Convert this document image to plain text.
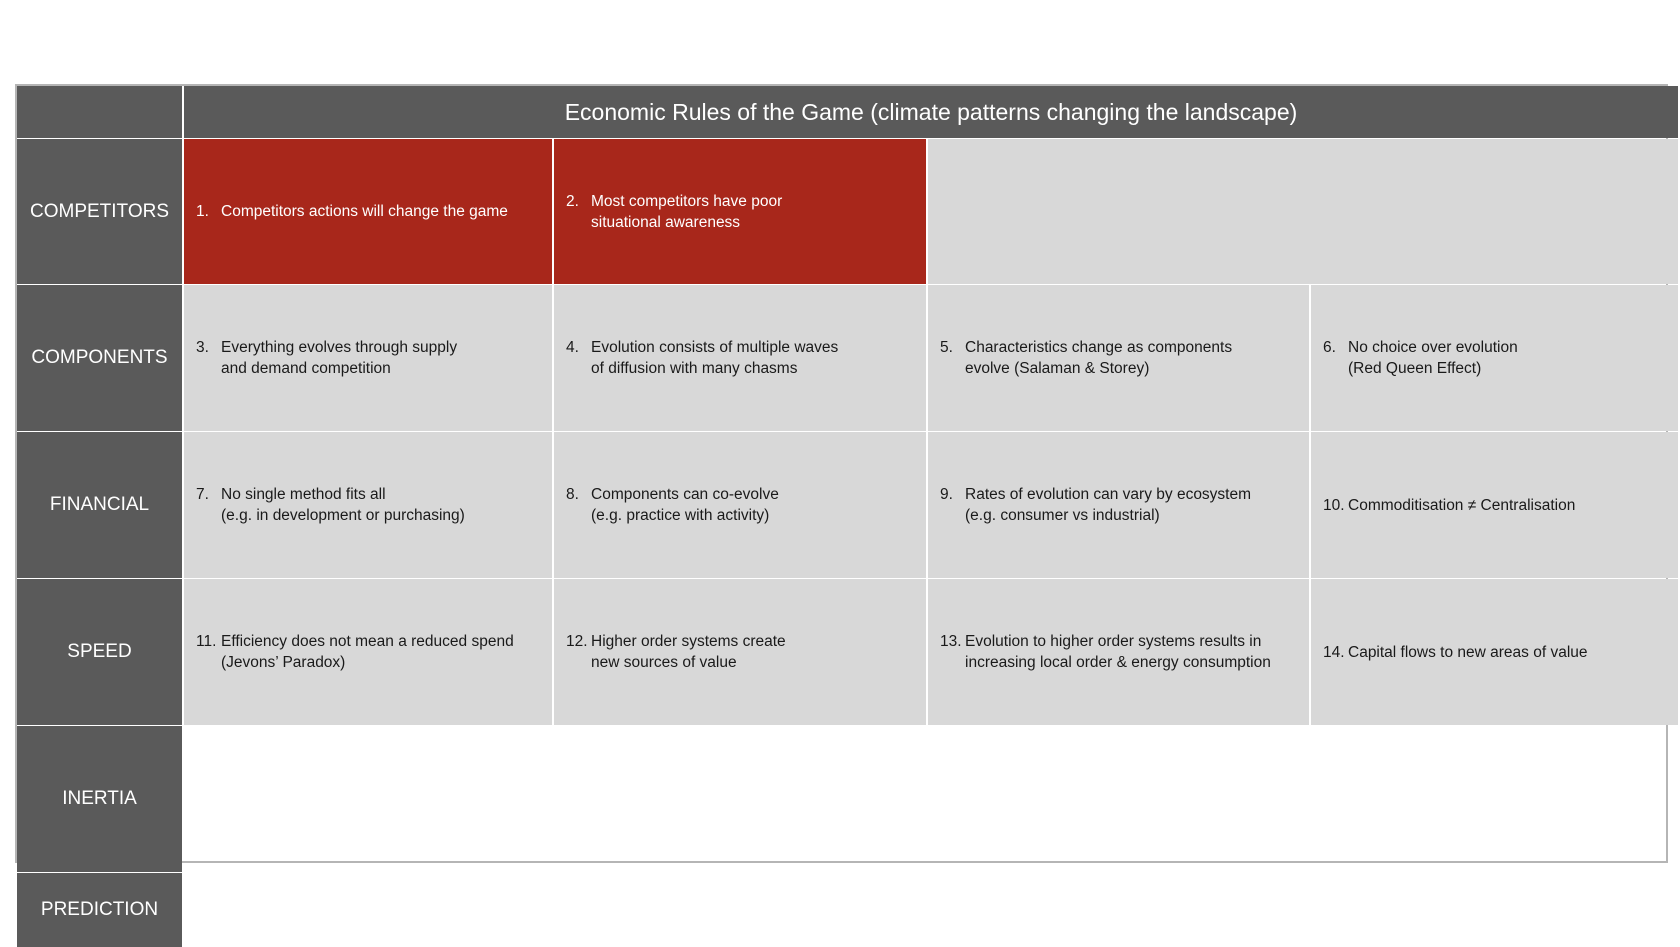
Economic Rules of the Game (climate patterns changing the landscape)
COMPETITORS
COMPONENTS
FINANCIAL
SPEED
INERTIA
PREDICTION
1. Competitors actions will change the game
2. Most competitors have poor
situational awareness
3. Everything evolves through supply
and demand competition
4. Evolution consists of multiple waves
of diffusion with many chasms
5. Characteristics change as components
evolve (Salaman & Storey)
6. No choice over evolution
(Red Queen Effect)
7. No single method fits all
(e.g. in development or purchasing)
8. Components can co-evolve
(e.g. practice with activity)
9. Rates of evolution can vary by ecosystem
(e.g. consumer vs industrial)
10. Commoditisation ≠ Centralisation
11. Efficiency does not mean a reduced spend
(Jevons’ Paradox)
12. Higher order systems create
new sources of value
13. Evolution to higher order systems results in
increasing local order & energy consumption
14. Capital flows to new areas of value
